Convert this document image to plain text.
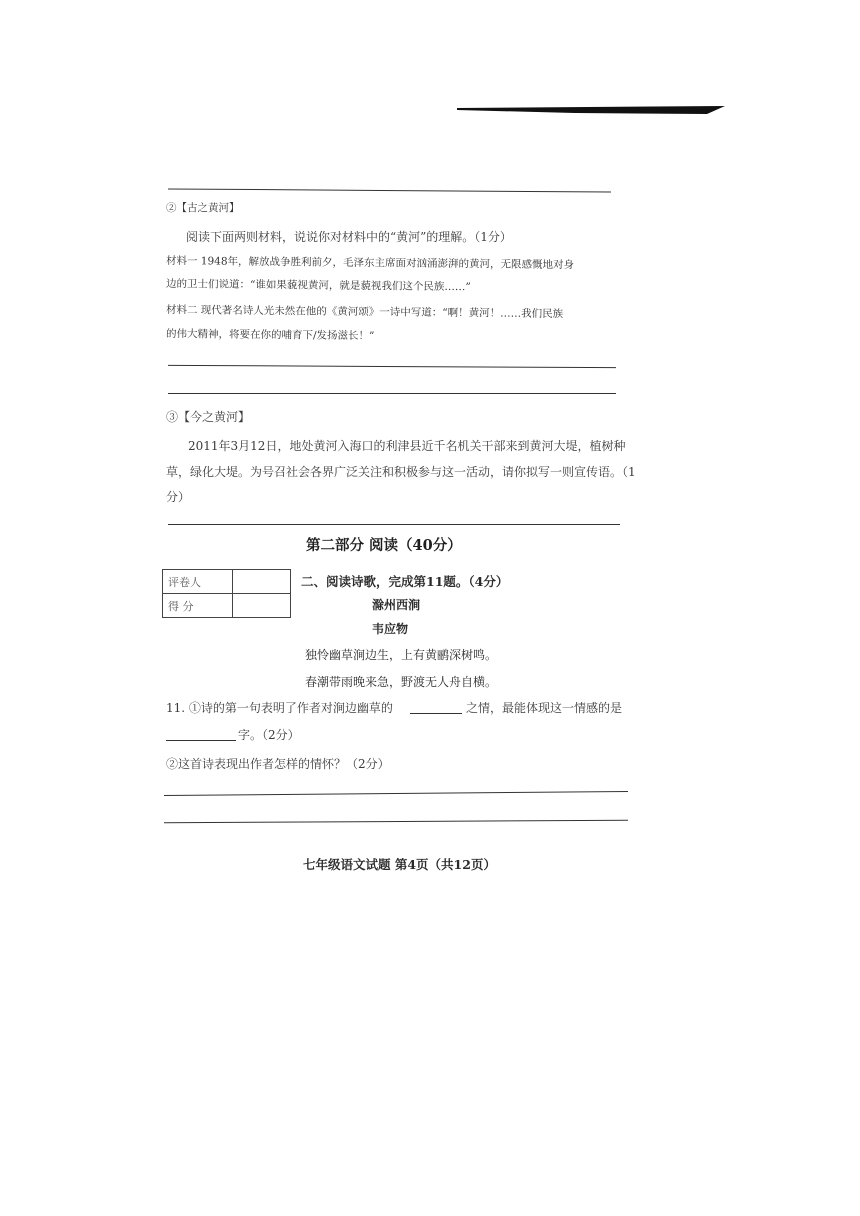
②【古之黄河】
阅读下面两则材料，说说你对材料中的“黄河”的理解。（1分）
材料一 1948年，解放战争胜利前夕，毛泽东主席面对汹涌澎湃的黄河，无限感慨地对身
边的卫士们说道：“谁如果藐视黄河，就是藐视我们这个民族……”
材料二 现代著名诗人光未然在他的《黄河颂》一诗中写道：“啊！黄河！……我们民族
的伟大精神，将要在你的哺育下/发扬滋长！”
③【今之黄河】
2011年3月12日，地处黄河入海口的利津县近千名机关干部来到黄河大堤，植树种
草，绿化大堤。为号召社会各界广泛关注和积极参与这一活动，请你拟写一则宣传语。（1
分）
第二部分 阅读（40分）
评卷人	
得 分	
二、阅读诗歌，完成第11题。（4分）
滁州西涧
韦应物
独怜幽草涧边生，上有黄鹂深树鸣。
春潮带雨晚来急，野渡无人舟自横。
11. ①诗的第一句表明了作者对涧边幽草的	之情，最能体现这一情感的是
字。（2分）
②这首诗表现出作者怎样的情怀？（2分）
七年级语文试题 第4页（共12页）
